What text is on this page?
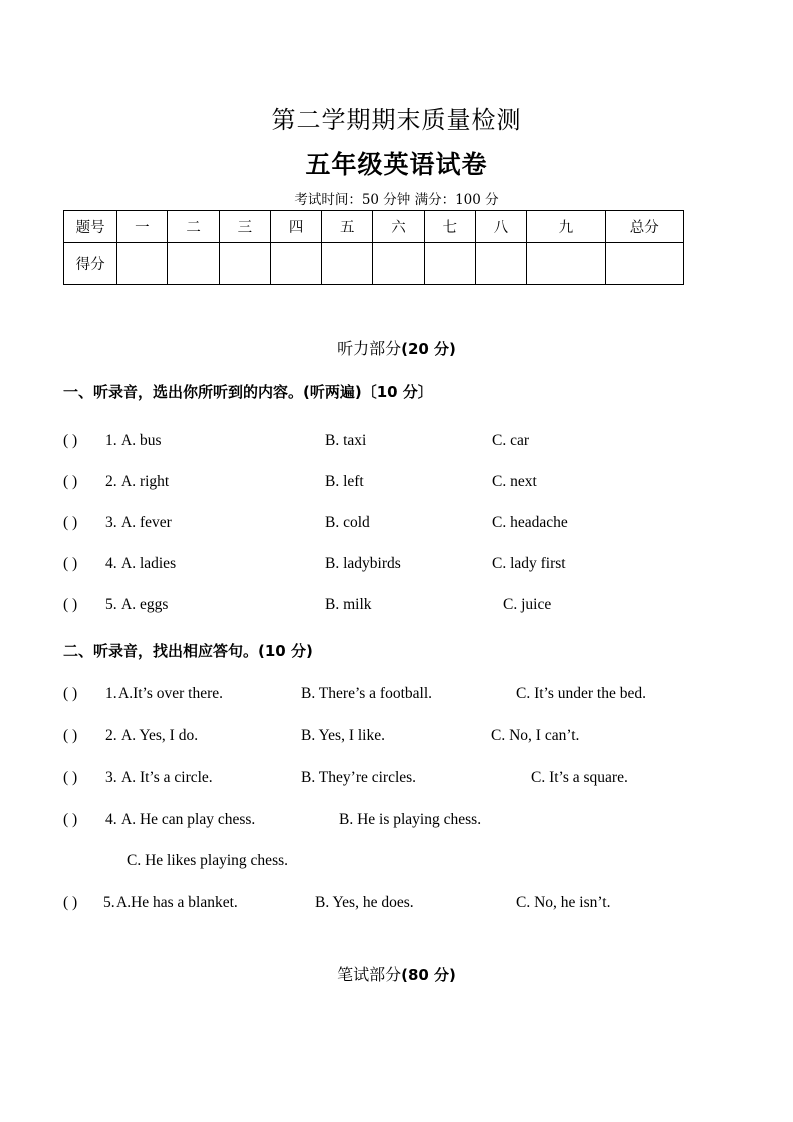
第二学期期末质量检测
五年级英语试卷
考试时间：50 分钟 满分：100 分
题号	一	二	三	四	五	六	七	八	九	总分
得分										
听力部分(20 分)
一、听录音，选出你所听到的内容。(听两遍)〔10 分〕
( ) 1. A. bus	B. taxi	C. car
( ) 2. A. right	B. left	C. next
( ) 3. A. fever	B. cold	C. headache
( ) 4. A. ladies	B. ladybirds	C. lady first
( ) 5. A. eggs	B. milk	C. juice
二、听录音，找出相应答句。(10 分)
( ) 1. A.It’s over there.	B. There’s a football.	C. It’s under the bed.
( ) 2. A. Yes, I do.	B. Yes, I like.	C. No, I can’t.
( ) 3. A. It’s a circle.	B. They’re circles.	C. It’s a square.
( ) 4. A. He can play chess.	B. He is playing chess.
C. He likes playing chess.
( ) 5. A.He has a blanket.	B. Yes, he does.	C. No, he isn’t.
笔试部分(80 分)
